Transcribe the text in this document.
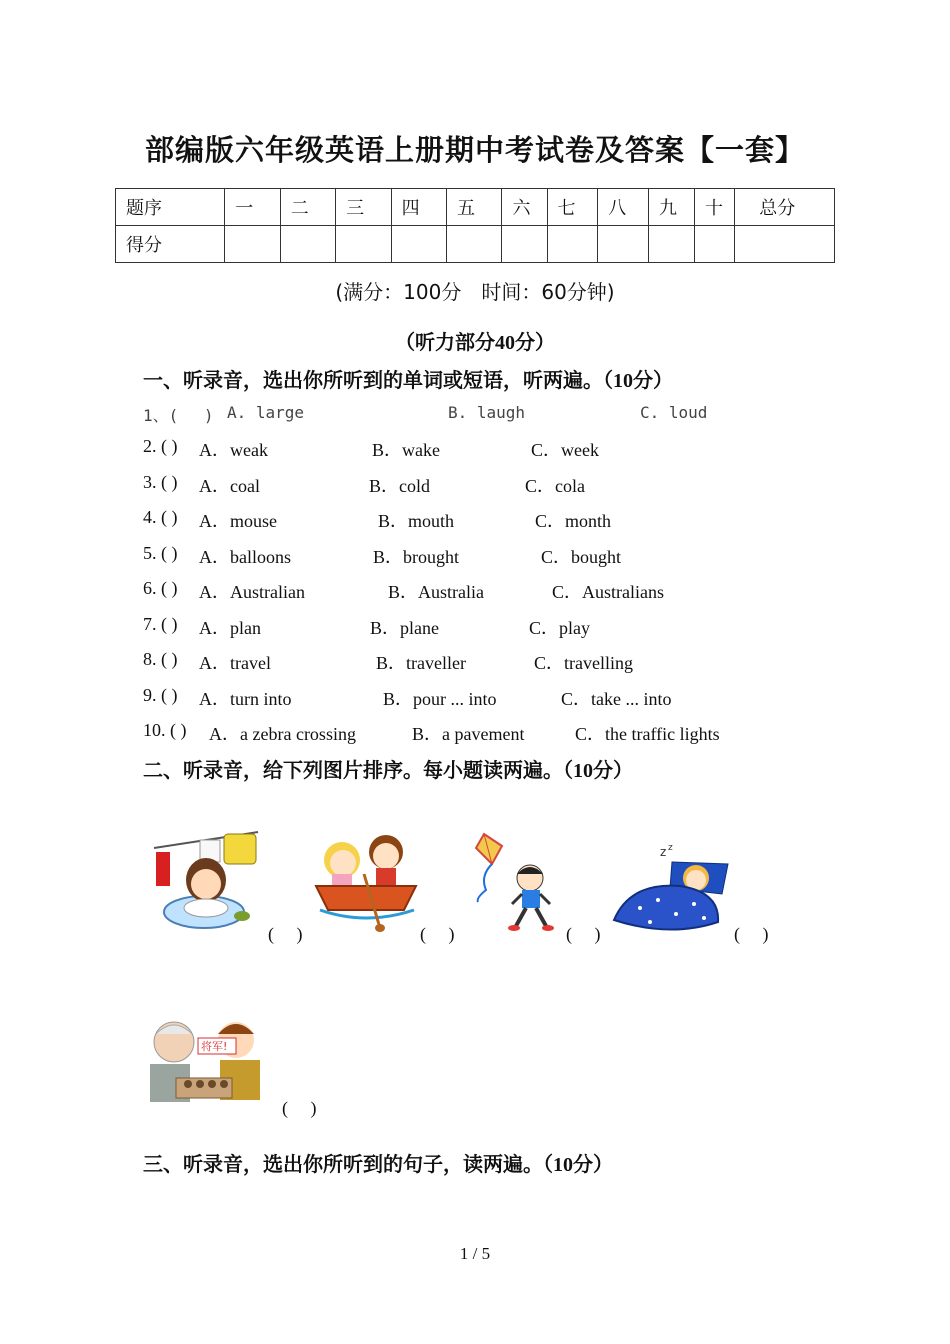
部编版六年级英语上册期中考试卷及答案【一套】
题序	一	二	三	四	五	六	七	八	九	十	总分
得分											
(满分：100分　时间：60分钟)
（听力部分40分）
一、听录音，选出你所听到的单词或短语，听两遍。（10分）
1、(　 ) A. large	B. laugh	C. loud
2. ( ) A．weak	B．wake	C．week
3. ( ) A．coal	B．cold	C．cola
4. ( ) A．mouse	B．mouth	C．month
5. ( ) A．balloons	B．brought	C．bought
6. ( ) A．Australian	B．Australia	C．Australians
7. ( ) A．plan	B．plane	C．play
8. ( ) A．travel	B．traveller	C．travelling
9. ( ) A．turn into	B．pour ... into	C．take ... into
10. ( ) A．a zebra crossing	B．a pavement	C．the traffic lights
二、听录音，给下列图片排序。每小题读两遍。（10分）
(　 )	(　 )	(　 )
z z
(　 )
将军!
(　 )
三、听录音，选出你所听到的句子，读两遍。（10分）
1 / 5
